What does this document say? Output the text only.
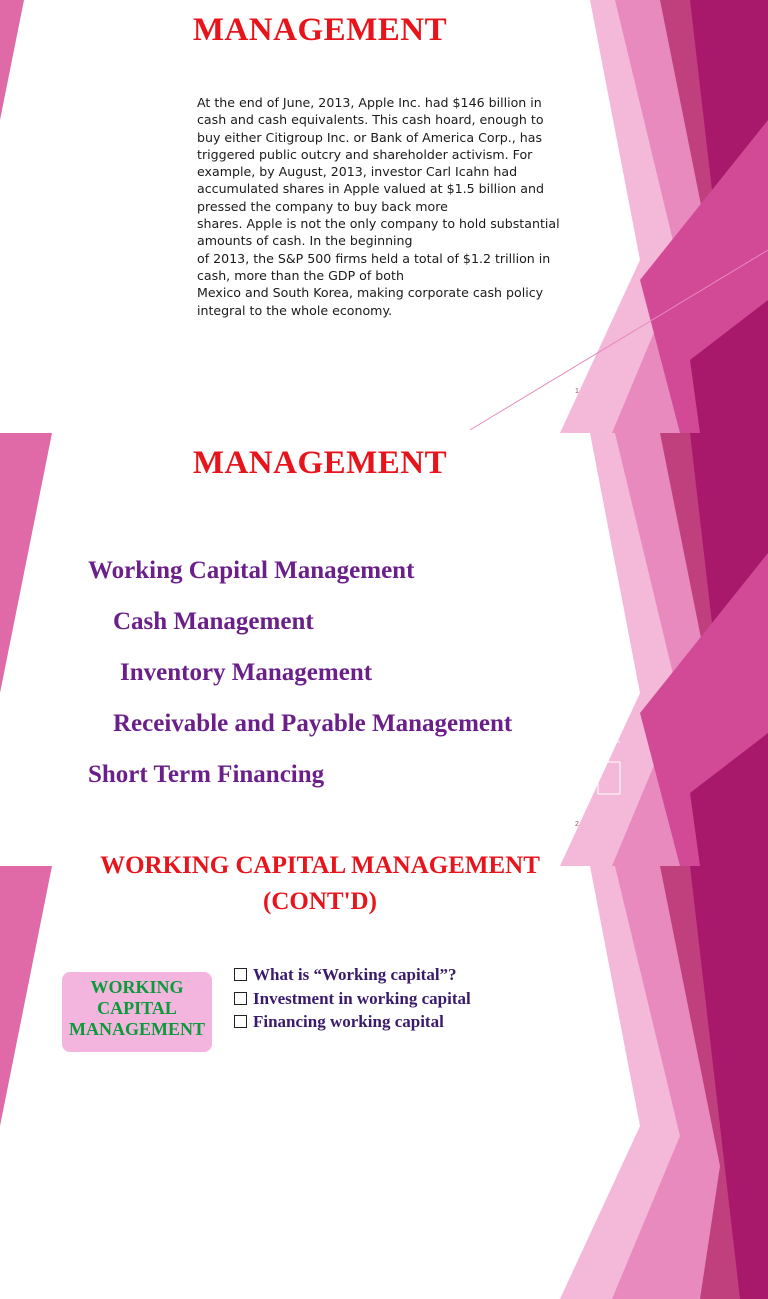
MANAGEMENT

At the end of June, 2013, Apple Inc. had $146 billion in

cash and cash equivalents. This cash hoard, enough to

buy either Citigroup Inc. or Bank of America Corp., has

triggered public outcry and shareholder activism. For

example, by August, 2013, investor Carl Icahn had

accumulated shares in Apple valued at $1.5 billion and

pressed the company to buy back more

shares. Apple is not the only company to hold substantial

amounts of cash. In the beginning

of 2013, the S&P 500 firms held a total of $1.2 trillion in

cash, more than the GDP of both

Mexico and South Korea, making corporate cash policy

integral to the whole economy.

1
MANAGEMENT
Working Capital Management
Cash Management
Inventory Management
Receivable and Payable Management
Short Term Financing
2
WORKING CAPITAL MANAGEMENT
(CONT'D)
WORKING
CAPITAL
MANAGEMENT
What is “Working capital”?
Investment in working capital
Financing working capital
